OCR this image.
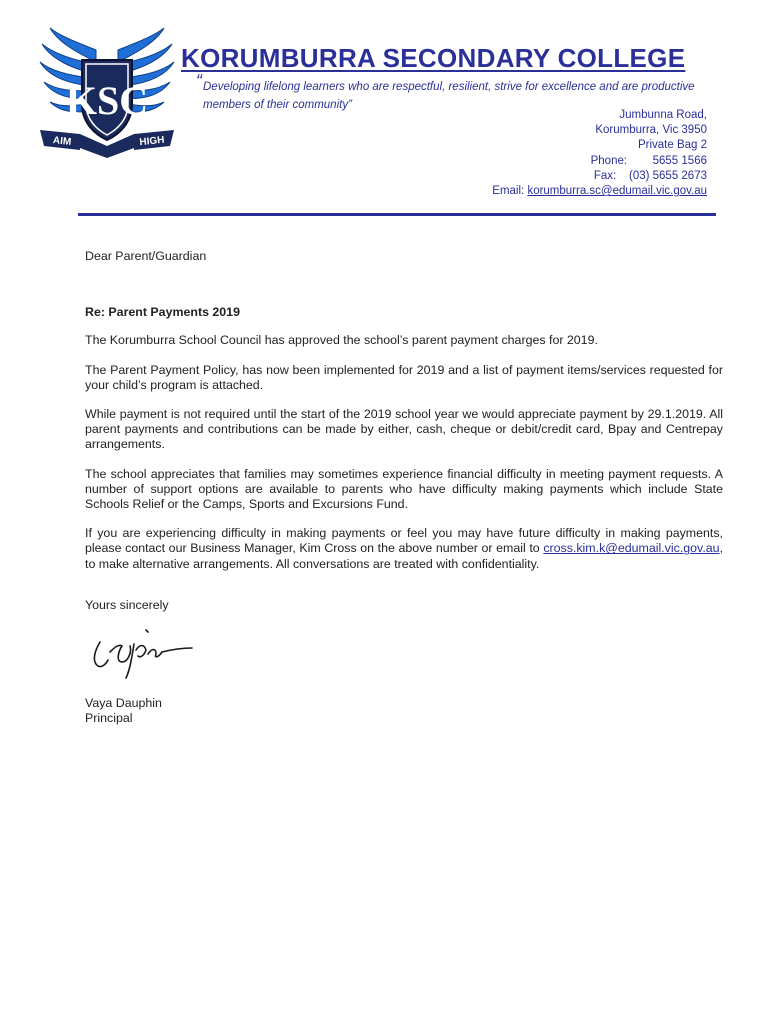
KSC
AIM	HIGH
KORUMBURRA SECONDARY COLLEGE
“ Developing lifelong learners who are respectful, resilient, strive for excellence and are productive members of their community”
Jumbunna Road,
Korumburra, Vic 3950
Private Bag 2
Phone: 5655 1566
Fax: (03) 5655 2673
Email: korumburra.sc@edumail.vic.gov.au

Dear Parent/Guardian

Re: Parent Payments 2019

The Korumburra School Council has approved the school’s parent payment charges for 2019.

The Parent Payment Policy, has now been implemented for 2019 and a list of payment items/services requested for your child’s program is attached.

While payment is not required until the start of the 2019 school year we would appreciate payment by 29.1.2019. All parent payments and contributions can be made by either, cash, cheque or debit/credit card, Bpay and Centrepay arrangements.

The school appreciates that families may sometimes experience financial difficulty in meeting payment requests. A number of support options are available to parents who have difficulty making payments which include State Schools Relief or the Camps, Sports and Excursions Fund.

If you are experiencing difficulty in making payments or feel you may have future difficulty in making payments, please contact our Business Manager, Kim Cross on the above number or email to cross.kim.k@edumail.vic.gov.au, to make alternative arrangements. All conversations are treated with confidentiality.

Yours sincerely
Vaya Dauphin
Principal
